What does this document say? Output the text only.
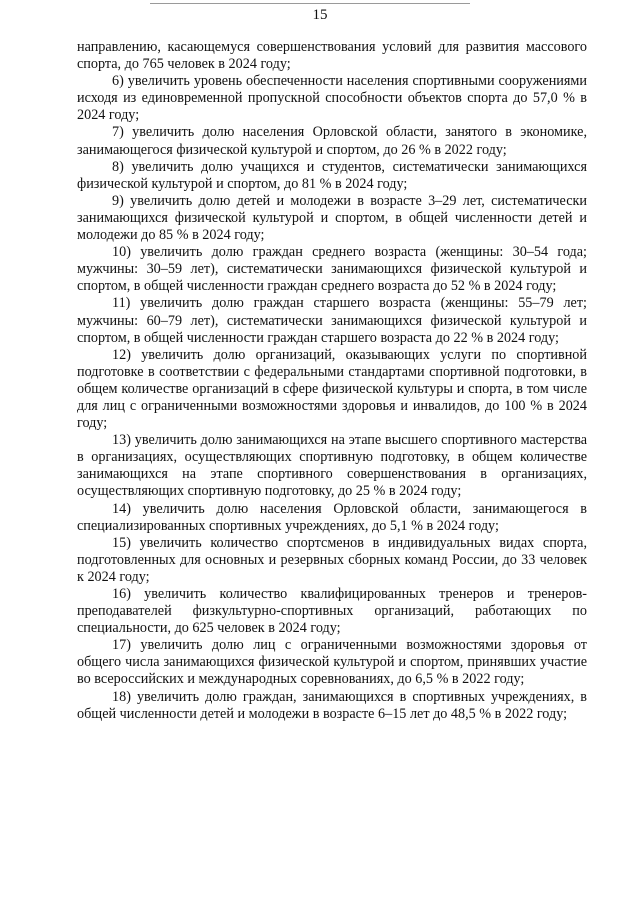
15

направлению, касающемуся совершенствования условий для развития массового спорта, до 765 человек в 2024 году;

6) увеличить уровень обеспеченности населения спортивными сооружениями исходя из единовременной пропускной способности объектов спорта до 57,0 % в 2024 году;

7) увеличить долю населения Орловской области, занятого в экономике, занимающегося физической культурой и спортом, до 26 % в 2022 году;

8) увеличить долю учащихся и студентов, систематически занимающихся физической культурой и спортом, до 81 % в 2024 году;

9) увеличить долю детей и молодежи в возрасте 3–29 лет, систематически занимающихся физической культурой и спортом, в общей численности детей и молодежи до 85 % в 2024 году;

10) увеличить долю граждан среднего возраста (женщины: 30–54 года; мужчины: 30–59 лет), систематически занимающихся физической культурой и спортом, в общей численности граждан среднего возраста до 52 % в 2024 году;

11) увеличить долю граждан старшего возраста (женщины: 55–79 лет; мужчины: 60–79 лет), систематически занимающихся физической культурой и спортом, в общей численности граждан старшего возраста до 22 % в 2024 году;

12) увеличить долю организаций, оказывающих услуги по спортивной подготовке в соответствии с федеральными стандартами спортивной подготовки, в общем количестве организаций в сфере физической культуры и спорта, в том числе для лиц с ограниченными возможностями здоровья и инвалидов, до 100 % в 2024 году;

13) увеличить долю занимающихся на этапе высшего спортивного мастерства в организациях, осуществляющих спортивную подготовку, в общем количестве занимающихся на этапе спортивного совершенствования в организациях, осуществляющих спортивную подготовку, до 25 % в 2024 году;

14) увеличить долю населения Орловской области, занимающегося в специализированных спортивных учреждениях, до 5,1 % в 2024 году;

15) увеличить количество спортсменов в индивидуальных видах спорта, подготовленных для основных и резервных сборных команд России, до 33 человек к 2024 году;

16) увеличить количество квалифицированных тренеров и тренеров-преподавателей физкультурно-спортивных организаций, работающих по специальности, до 625 человек в 2024 году;

17) увеличить долю лиц с ограниченными возможностями здоровья от общего числа занимающихся физической культурой и спортом, принявших участие во всероссийских и международных соревнованиях, до 6,5 % в 2022 году;

18) увеличить долю граждан, занимающихся в спортивных учреждениях, в общей численности детей и молодежи в возрасте 6–15 лет до 48,5 % в 2022 году;
